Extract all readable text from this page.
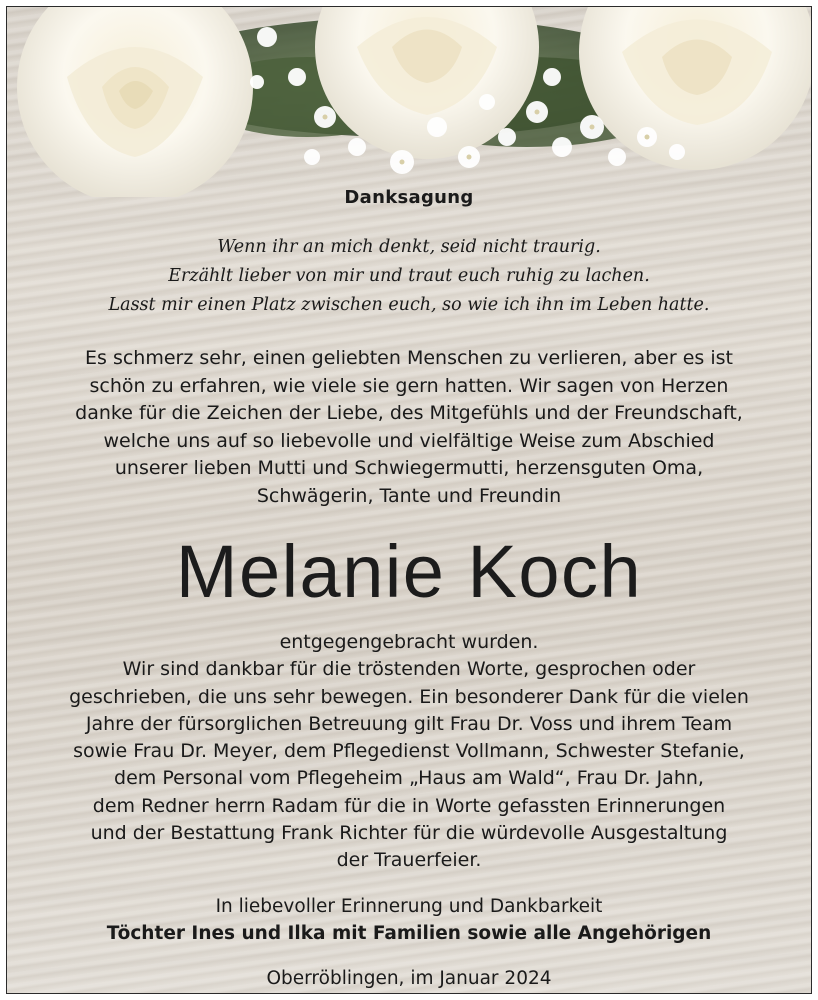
Danksagung
Wenn ihr an mich denkt, seid nicht traurig.
Erzählt lieber von mir und traut euch ruhig zu lachen.
Lasst mir einen Platz zwischen euch, so wie ich ihn im Leben hatte.
Es schmerz sehr, einen geliebten Menschen zu verlieren, aber es ist
schön zu erfahren, wie viele sie gern hatten. Wir sagen von Herzen
danke für die Zeichen der Liebe, des Mitgefühls und der Freundschaft,
welche uns auf so liebevolle und vielfältige Weise zum Abschied
unserer lieben Mutti und Schwiegermutti, herzensguten Oma,
Schwägerin, Tante und Freundin
Melanie Koch
entgegengebracht wurden.
Wir sind dankbar für die tröstenden Worte, gesprochen oder
geschrieben, die uns sehr bewegen. Ein besonderer Dank für die vielen
Jahre der fürsorglichen Betreuung gilt Frau Dr. Voss und ihrem Team
sowie Frau Dr. Meyer, dem Pflegedienst Vollmann, Schwester Stefanie,
dem Personal vom Pflegeheim „Haus am Wald“, Frau Dr. Jahn,
dem Redner herrn Radam für die in Worte gefassten Erinnerungen
und der Bestattung Frank Richter für die würdevolle Ausgestaltung
der Trauerfeier.
In liebevoller Erinnerung und Dankbarkeit
Töchter Ines und Ilka mit Familien sowie alle Angehörigen
Oberröblingen, im Januar 2024
